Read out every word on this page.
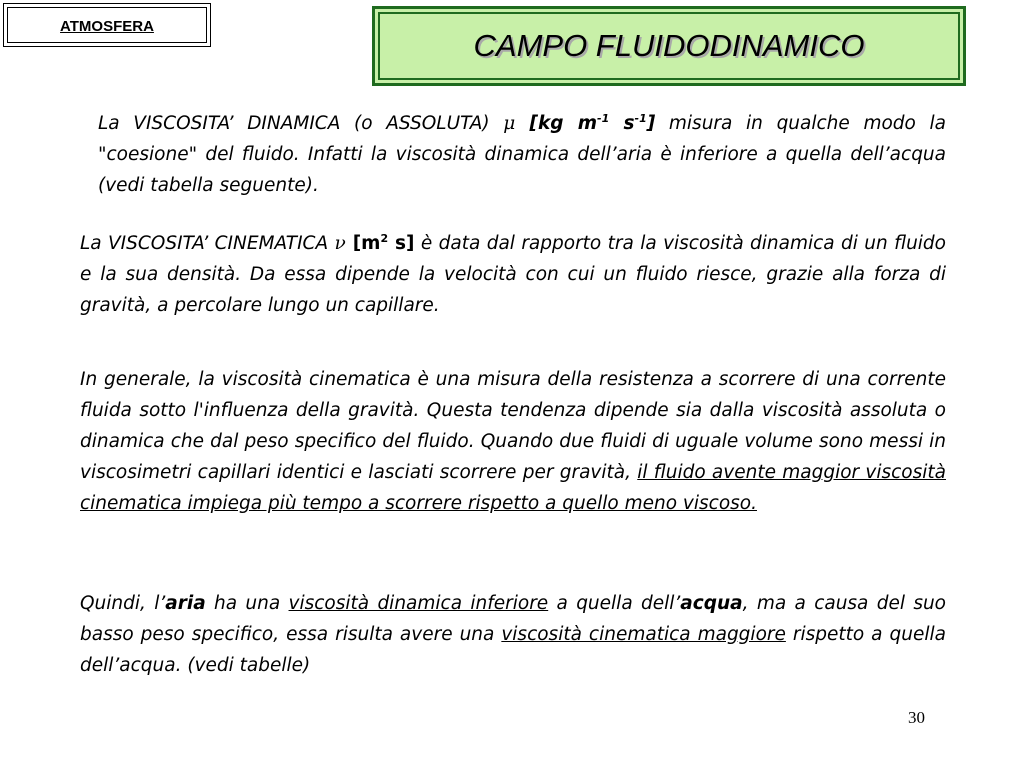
ATMOSFERA
CAMPO FLUIDODINAMICO

La VISCOSITA’ DINAMICA (o ASSOLUTA) μ [kg $m^{-1}$ $s^{-1}$] misura in qualche modo la "coesione" del fluido. Infatti la viscosità dinamica dell’aria è inferiore a quella dell’acqua (vedi tabella seguente).

La VISCOSITA’ CINEMATICA ν [$m^2$ s] è data dal rapporto tra la viscosità dinamica di un fluido e la sua densità. Da essa dipende la velocità con cui un fluido riesce, grazie alla forza di gravità, a percolare lungo un capillare.

In generale, la viscosità cinematica è una misura della resistenza a scorrere di una corrente fluida sotto l'influenza della gravità. Questa tendenza dipende sia dalla viscosità assoluta o dinamica che dal peso specifico del fluido. Quando due fluidi di uguale volume sono messi in viscosimetri capillari identici e lasciati scorrere per gravità, il fluido avente maggior viscosità cinematica impiega più tempo a scorrere rispetto a quello meno viscoso.

Quindi, l’aria ha una viscosità dinamica inferiore a quella dell’acqua, ma a causa del suo basso peso specifico, essa risulta avere una viscosità cinematica maggiore rispetto a quella dell’acqua. (vedi tabelle)

30
